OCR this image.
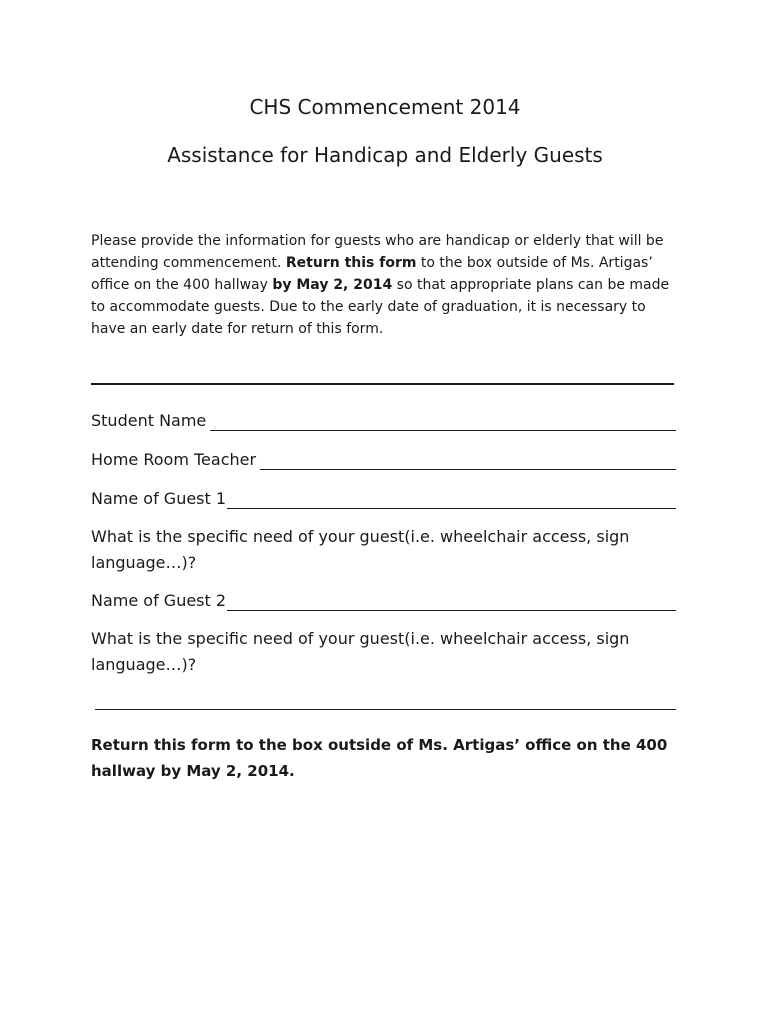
CHS Commencement 2014
Assistance for Handicap and Elderly Guests

Please provide the information for guests who are handicap or elderly that will be attending commencement. Return this form to the box outside of Ms. Artigas’ office on the 400 hallway by May 2, 2014 so that appropriate plans can be made to accommodate guests. Due to the early date of graduation, it is necessary to have an early date for return of this form.

Student Name
Home Room Teacher
Name of Guest 1

What is the specific need of your guest(i.e. wheelchair access, sign language…)?

Name of Guest 2

What is the specific need of your guest(i.e. wheelchair access, sign language…)?

Return this form to the box outside of Ms. Artigas’ office on the 400 hallway by May 2, 2014.
